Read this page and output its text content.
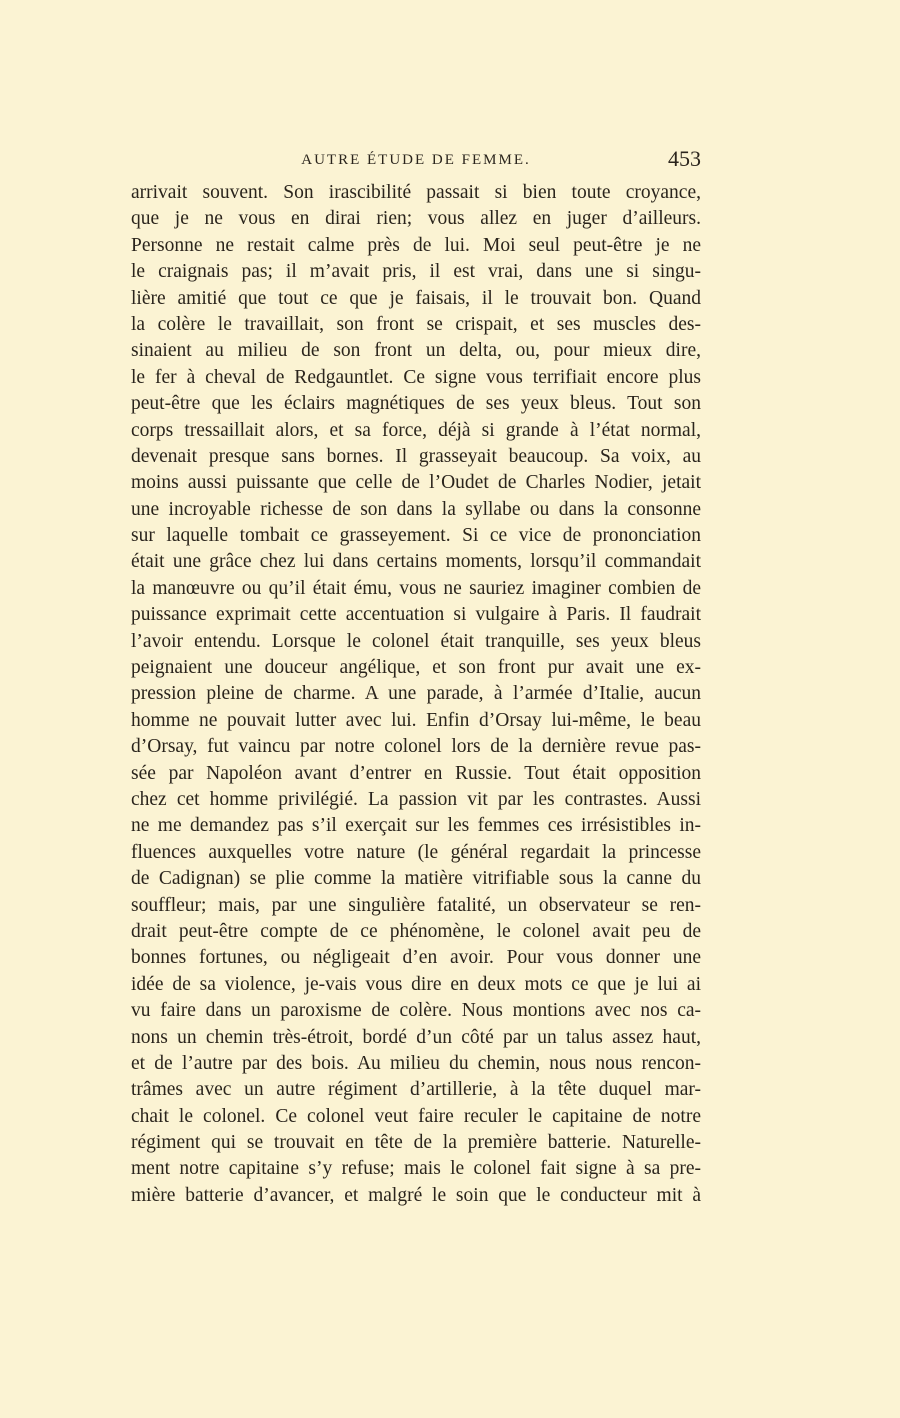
AUTRE ÉTUDE DE FEMME.	453
arrivait souvent. Son irascibilité passait si bien toute croyance,
que je ne vous en dirai rien; vous allez en juger d’ailleurs.
Personne ne restait calme près de lui. Moi seul peut-être je ne
le craignais pas; il m’avait pris, il est vrai, dans une si singu-
lière amitié que tout ce que je faisais, il le trouvait bon. Quand
la colère le travaillait, son front se crispait, et ses muscles des-
sinaient au milieu de son front un delta, ou, pour mieux dire,
le fer à cheval de Redgauntlet. Ce signe vous terrifiait encore plus
peut-être que les éclairs magnétiques de ses yeux bleus. Tout son
corps tressaillait alors, et sa force, déjà si grande à l’état normal,
devenait presque sans bornes. Il grasseyait beaucoup. Sa voix, au
moins aussi puissante que celle de l’Oudet de Charles Nodier, jetait
une incroyable richesse de son dans la syllabe ou dans la consonne
sur laquelle tombait ce grasseyement. Si ce vice de prononciation
était une grâce chez lui dans certains moments, lorsqu’il commandait
la manœuvre ou qu’il était ému, vous ne sauriez imaginer combien de
puissance exprimait cette accentuation si vulgaire à Paris. Il faudrait
l’avoir entendu. Lorsque le colonel était tranquille, ses yeux bleus
peignaient une douceur angélique, et son front pur avait une ex-
pression pleine de charme. A une parade, à l’armée d’Italie, aucun
homme ne pouvait lutter avec lui. Enfin d’Orsay lui-même, le beau
d’Orsay, fut vaincu par notre colonel lors de la dernière revue pas-
sée par Napoléon avant d’entrer en Russie. Tout était opposition
chez cet homme privilégié. La passion vit par les contrastes. Aussi
ne me demandez pas s’il exerçait sur les femmes ces irrésistibles in-
fluences auxquelles votre nature (le général regardait la princesse
de Cadignan) se plie comme la matière vitrifiable sous la canne du
souffleur; mais, par une singulière fatalité, un observateur se ren-
drait peut-être compte de ce phénomène, le colonel avait peu de
bonnes fortunes, ou négligeait d’en avoir. Pour vous donner une
idée de sa violence, je-vais vous dire en deux mots ce que je lui ai
vu faire dans un paroxisme de colère. Nous montions avec nos ca-
nons un chemin très-étroit, bordé d’un côté par un talus assez haut,
et de l’autre par des bois. Au milieu du chemin, nous nous rencon-
trâmes avec un autre régiment d’artillerie, à la tête duquel mar-
chait le colonel. Ce colonel veut faire reculer le capitaine de notre
régiment qui se trouvait en tête de la première batterie. Naturelle-
ment notre capitaine s’y refuse; mais le colonel fait signe à sa pre-
mière batterie d’avancer, et malgré le soin que le conducteur mit à
